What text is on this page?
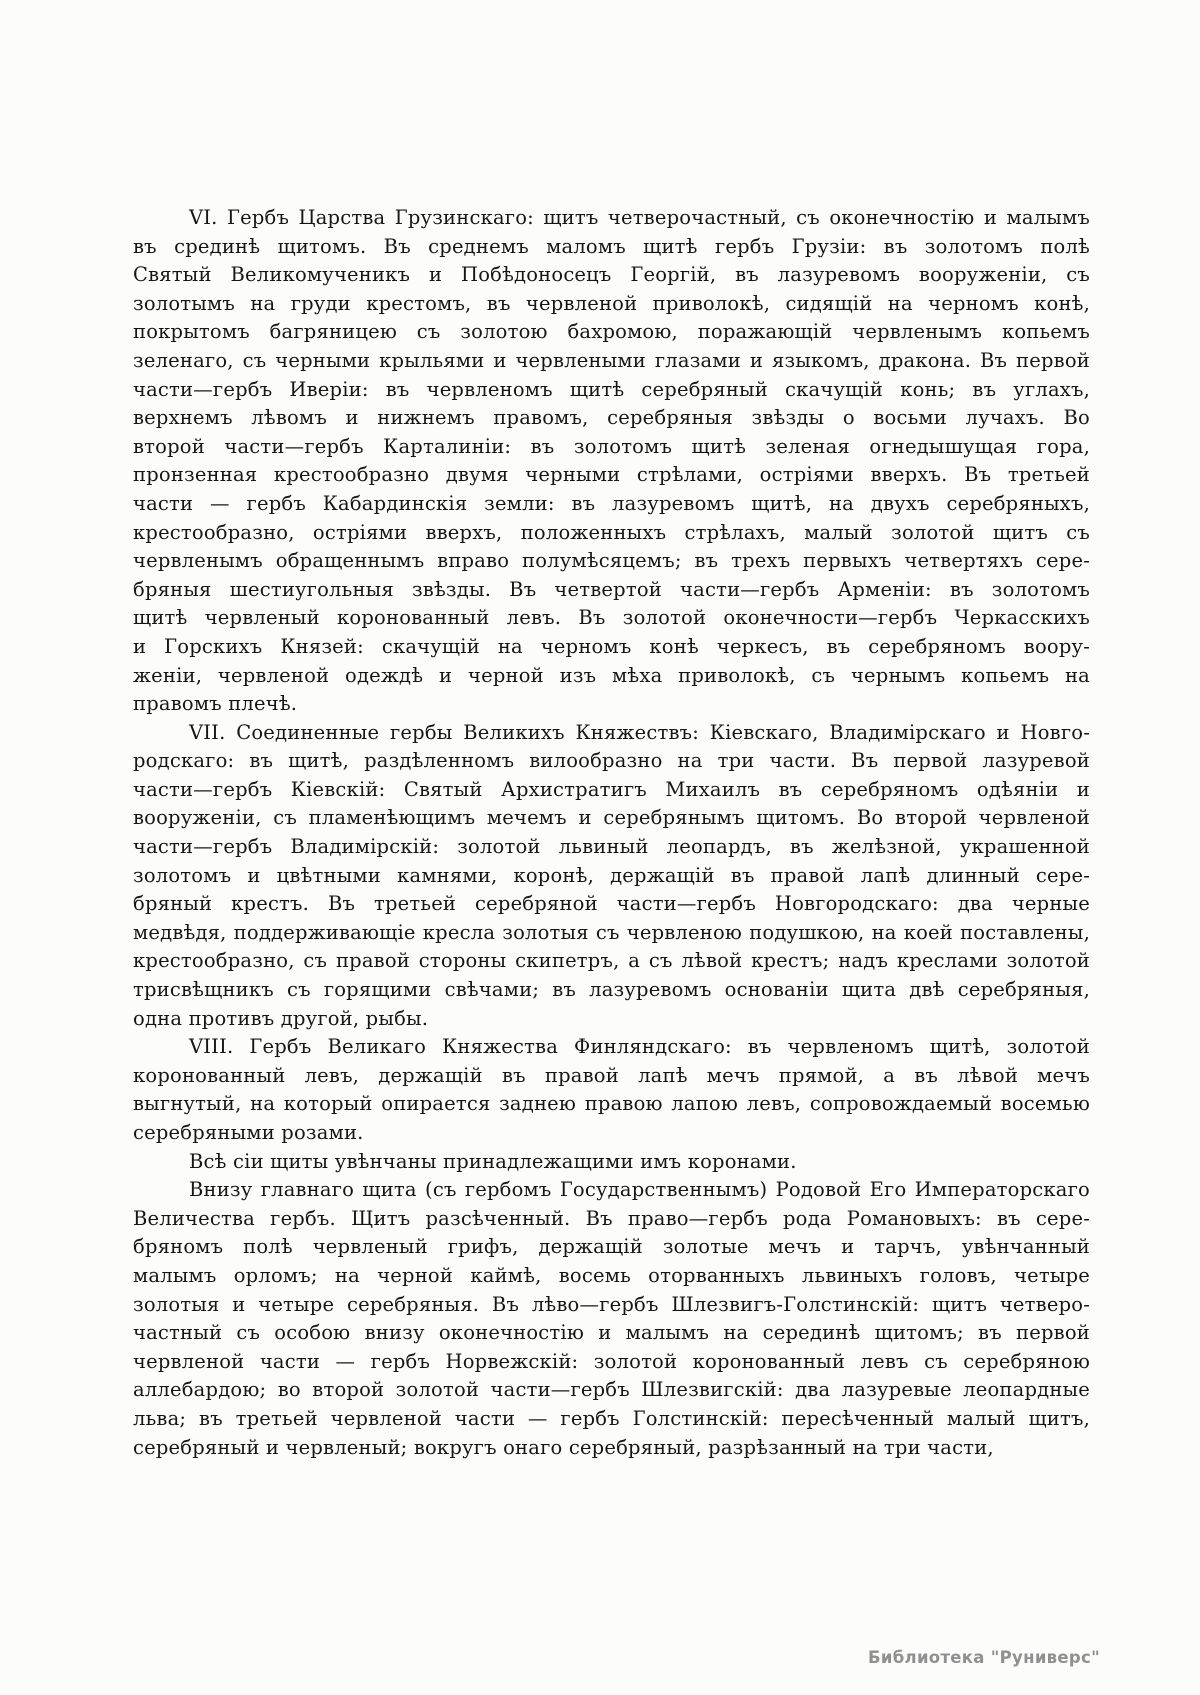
VI. Гербъ Царства Грузинскаго: щитъ четверочастный, съ оконечностію и малымъ
въ срединѣ щитомъ. Въ среднемъ маломъ щитѣ гербъ Грузіи: въ золотомъ полѣ
Святый Великомученикъ и Побѣдоносецъ Георгій, въ лазуревомъ вооруженіи, съ
золотымъ на груди крестомъ, въ червленой приволокѣ, сидящій на черномъ конѣ,
покрытомъ багряницею съ золотою бахромою, поражающій червленымъ копьемъ
зеленаго, съ черными крыльями и червлеными глазами и языкомъ, дракона. Въ первой
части—гербъ Иверіи: въ червленомъ щитѣ серебряный скачущій конь; въ углахъ,
верхнемъ лѣвомъ и нижнемъ правомъ, серебряныя звѣзды о восьми лучахъ. Во
второй части—гербъ Карталиніи: въ золотомъ щитѣ зеленая огнедышущая гора,
пронзенная крестообразно двумя черными стрѣлами, остріями вверхъ. Въ третьей
части — гербъ Кабардинскія земли: въ лазуревомъ щитѣ, на двухъ серебряныхъ,
крестообразно, остріями вверхъ, положенныхъ стрѣлахъ, малый золотой щитъ съ
червленымъ обращеннымъ вправо полумѣсяцемъ; въ трехъ первыхъ четвертяхъ сере-
бряныя шестиугольныя звѣзды. Въ четвертой части—гербъ Арменіи: въ золотомъ
щитѣ червленый коронованный левъ. Въ золотой оконечности—гербъ Черкасскихъ
и Горскихъ Князей: скачущій на черномъ конѣ черкесъ, въ серебряномъ воору-
женіи, червленой одеждѣ и черной изъ мѣха приволокѣ, съ чернымъ копьемъ на
правомъ плечѣ.
VII. Соединенные гербы Великихъ Княжествъ: Кіевскаго, Владимірскаго и Новго-
родскаго: въ щитѣ, раздѣленномъ вилообразно на три части. Въ первой лазуревой
части—гербъ Кіевскій: Святый Архистратигъ Михаилъ въ серебряномъ одѣяніи и
вооруженіи, съ пламенѣющимъ мечемъ и серебрянымъ щитомъ. Во второй червленой
части—гербъ Владимірскій: золотой львиный леопардъ, въ желѣзной, украшенной
золотомъ и цвѣтными камнями, коронѣ, держащій въ правой лапѣ длинный сере-
бряный крестъ. Въ третьей серебряной части—гербъ Новгородскаго: два черные
медвѣдя, поддерживающіе кресла золотыя съ червленою подушкою, на коей поставлены,
крестообразно, съ правой стороны скипетръ, а съ лѣвой крестъ; надъ креслами золотой
трисвѣщникъ съ горящими свѣчами; въ лазуревомъ основаніи щита двѣ серебряныя,
одна противъ другой, рыбы.
VIII. Гербъ Великаго Княжества Финляндскаго: въ червленомъ щитѣ, золотой
коронованный левъ, держащій въ правой лапѣ мечъ прямой, а въ лѣвой мечъ
выгнутый, на который опирается заднею правою лапою левъ, сопровождаемый восемью
серебряными розами.
Всѣ сіи щиты увѣнчаны принадлежащими имъ коронами.
Внизу главнаго щита (съ гербомъ Государственнымъ) Родовой Его Императорскаго
Величества гербъ. Щитъ разсѣченный. Въ право—гербъ рода Романовыхъ: въ сере-
бряномъ полѣ червленый грифъ, держащій золотые мечъ и тарчъ, увѣнчанный
малымъ орломъ; на черной каймѣ, восемь оторванныхъ львиныхъ головъ, четыре
золотыя и четыре серебряныя. Въ лѣво—гербъ Шлезвигъ-Голстинскій: щитъ четверо-
частный съ особою внизу оконечностію и малымъ на серединѣ щитомъ; въ первой
червленой части — гербъ Норвежскій: золотой коронованный левъ съ серебряною
аллебардою; во второй золотой части—гербъ Шлезвигскій: два лазуревые леопардные
льва; въ третьей червленой части — гербъ Голстинскій: пересѣченный малый щитъ,
серебряный и червленый; вокругъ онаго серебряный, разрѣзанный на три части,
Библиотека "Руниверс"
